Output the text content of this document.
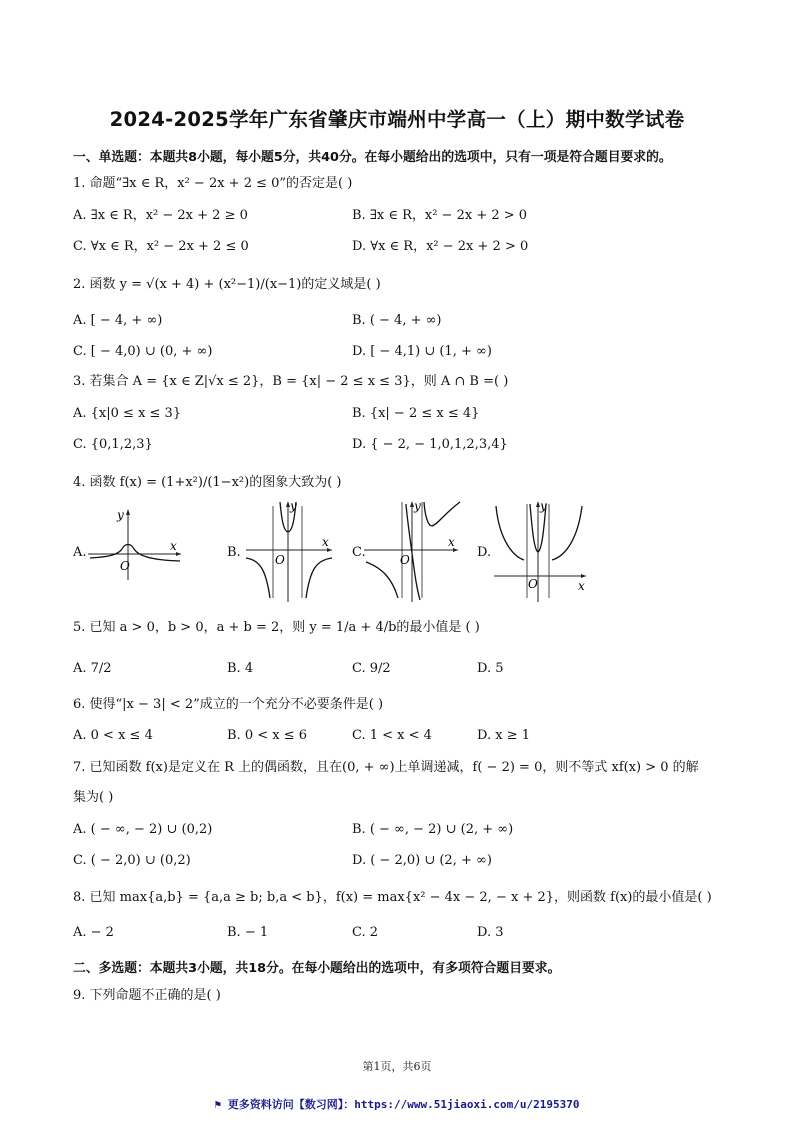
2024-2025学年广东省肇庆市端州中学高一（上）期中数学试卷
一、单选题：本题共8小题，每小题5分，共40分。在每小题给出的选项中，只有一项是符合题目要求的。
1. 命题“∃x ∈ R，x² − 2x + 2 ≤ 0”的否定是( )
A. ∃x ∈ R，x² − 2x + 2 ≥ 0	B. ∃x ∈ R，x² − 2x + 2 > 0
C. ∀x ∈ R，x² − 2x + 2 ≤ 0	D. ∀x ∈ R，x² − 2x + 2 > 0
2. 函数 y = √(x + 4) + (x²−1)/(x−1)的定义域是( )
A. [ − 4, + ∞)	B. ( − 4, + ∞)
C. [ − 4,0) ∪ (0, + ∞)	D. [ − 4,1) ∪ (1, + ∞)
3. 若集合 A = {x ∈ Z|√x ≤ 2}，B = {x| − 2 ≤ x ≤ 3}，则 A ∩ B =( )
A. {x|0 ≤ x ≤ 3}	B. {x| − 2 ≤ x ≤ 4}
C. {0,1,2,3}	D. { − 2, − 1,0,1,2,3,4}
4. 函数 f(x) = (1+x²)/(1−x²)的图象大致为( )
A.
y
x
O
B.
y
x
O	C.
y
x
O	D.
y
x
O
5. 已知 a > 0，b > 0，a + b = 2，则 y = 1/a + 4/b的最小值是 ( )
A. 7/2	B. 4	C. 9/2	D. 5
6. 使得“|x − 3| < 2”成立的一个充分不必要条件是( )
A. 0 < x ≤ 4	B. 0 < x ≤ 6	C. 1 < x < 4	D. x ≥ 1
7. 已知函数 f(x)是定义在 R 上的偶函数，且在(0, + ∞)上单调递减，f( − 2) = 0，则不等式 xf(x) > 0 的解
集为( )
A. ( − ∞, − 2) ∪ (0,2)	B. ( − ∞, − 2) ∪ (2, + ∞)
C. ( − 2,0) ∪ (0,2)	D. ( − 2,0) ∪ (2, + ∞)
8. 已知 max{a,b} = {a,a ≥ b; b,a < b}，f(x) = max{x² − 4x − 2, − x + 2}，则函数 f(x)的最小值是( )
A. − 2	B. − 1	C. 2	D. 3
二、多选题：本题共3小题，共18分。在每小题给出的选项中，有多项符合题目要求。
9. 下列命题不正确的是( )
第1页，共6页
⚑ 更多资料访问【数习网】：https://www.51jiaoxi.com/u/2195370
